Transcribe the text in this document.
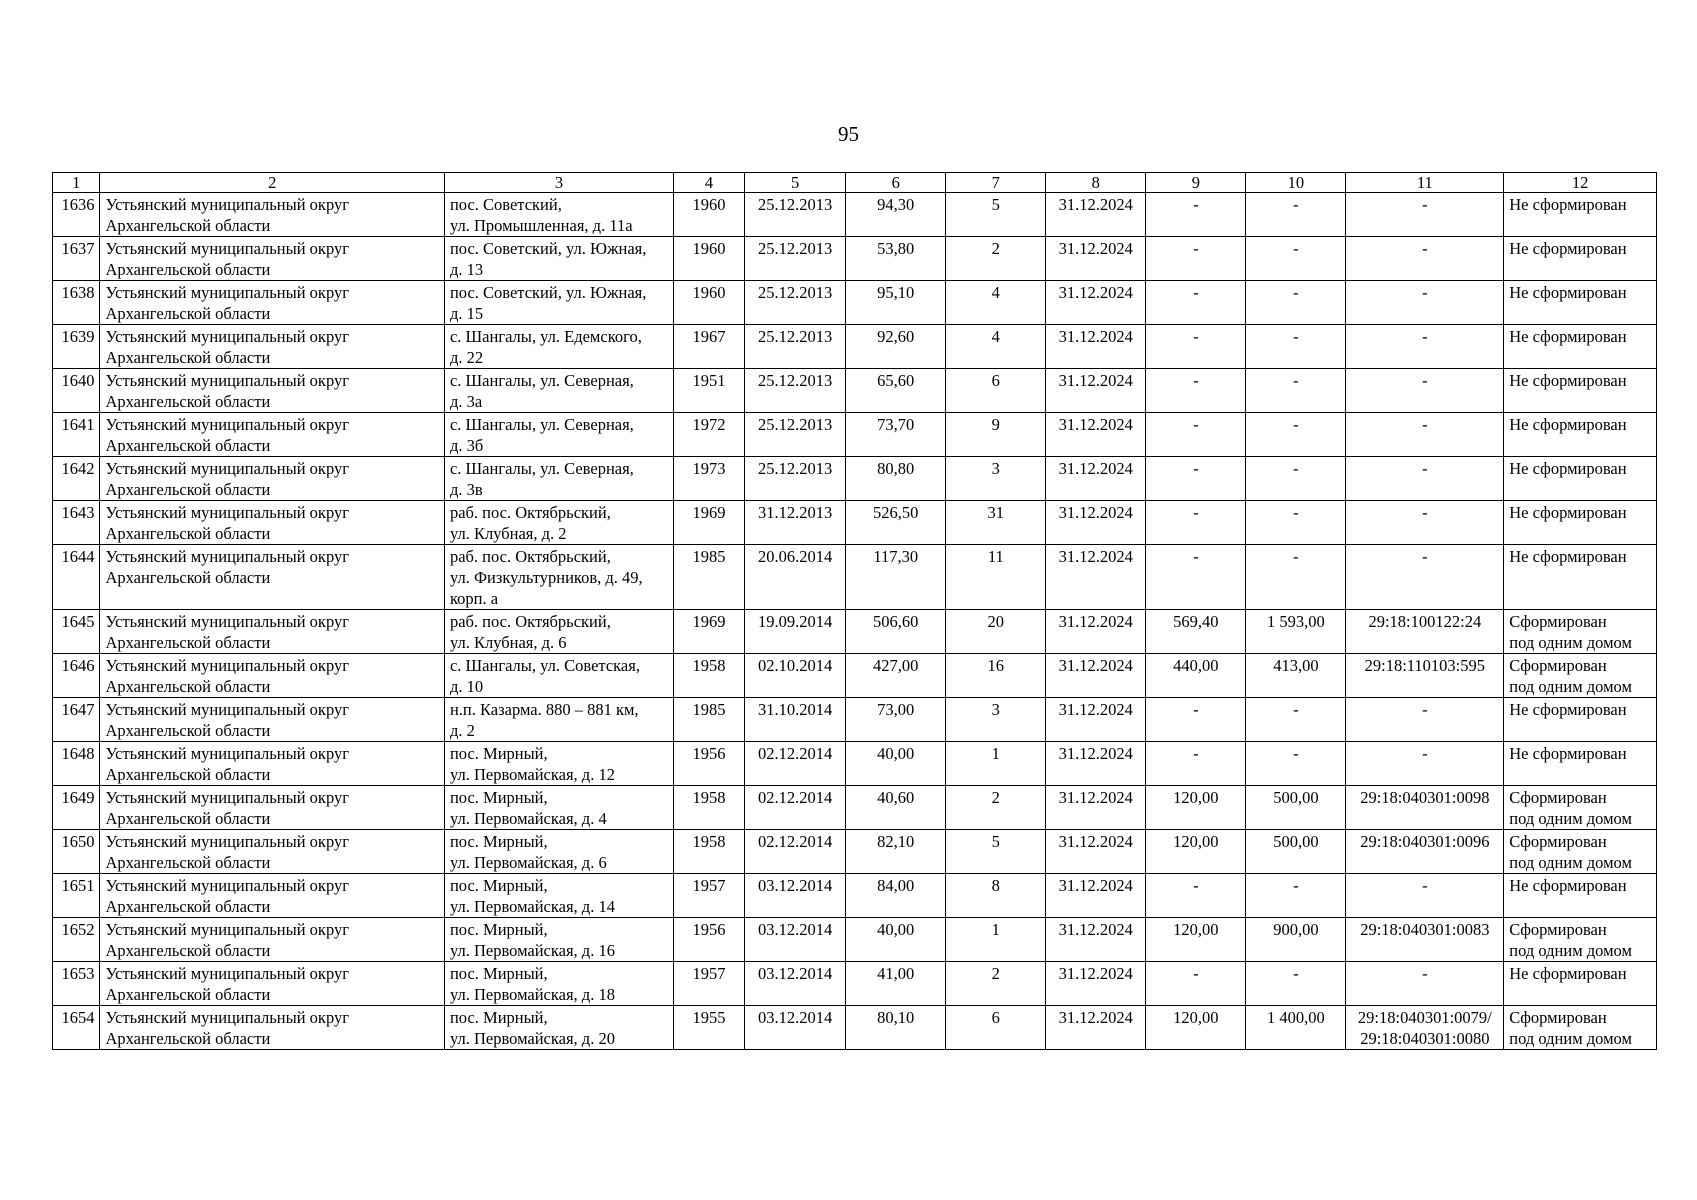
95
1	2	3	4	5	6	7	8	9	10	11	12
1636	Устьянский муниципальный округ
Архангельской области	пос. Советский,
ул. Промышленная, д. 11а	1960	25.12.2013	94,30	5	31.12.2024	-	-	-	Не сформирован

1637	Устьянский муниципальный округ
Архангельской области	пос. Советский, ул. Южная,
д. 13	1960	25.12.2013	53,80	2	31.12.2024	-	-	-	Не сформирован

1638	Устьянский муниципальный округ
Архангельской области	пос. Советский, ул. Южная,
д. 15	1960	25.12.2013	95,10	4	31.12.2024	-	-	-	Не сформирован

1639	Устьянский муниципальный округ
Архангельской области	с. Шангалы, ул. Едемского,
д. 22	1967	25.12.2013	92,60	4	31.12.2024	-	-	-	Не сформирован

1640	Устьянский муниципальный округ
Архангельской области	с. Шангалы, ул. Северная,
д. 3а	1951	25.12.2013	65,60	6	31.12.2024	-	-	-	Не сформирован

1641	Устьянский муниципальный округ
Архангельской области	с. Шангалы, ул. Северная,
д. 3б	1972	25.12.2013	73,70	9	31.12.2024	-	-	-	Не сформирован

1642	Устьянский муниципальный округ
Архангельской области	с. Шангалы, ул. Северная,
д. 3в	1973	25.12.2013	80,80	3	31.12.2024	-	-	-	Не сформирован

1643	Устьянский муниципальный округ
Архангельской области	раб. пос. Октябрьский,
ул. Клубная, д. 2	1969	31.12.2013	526,50	31	31.12.2024	-	-	-	Не сформирован

1644	Устьянский муниципальный округ
Архангельской области	раб. пос. Октябрьский,
ул. Физкультурников, д. 49,
корп. а	1985	20.06.2014	117,30	11	31.12.2024	-	-	-	Не сформирован

1645	Устьянский муниципальный округ
Архангельской области	раб. пос. Октябрьский,
ул. Клубная, д. 6	1969	19.09.2014	506,60	20	31.12.2024	569,40	1 593,00	29:18:100122:24	Сформирован
под одним домом

1646	Устьянский муниципальный округ
Архангельской области	с. Шангалы, ул. Советская,
д. 10	1958	02.10.2014	427,00	16	31.12.2024	440,00	413,00	29:18:110103:595	Сформирован
под одним домом

1647	Устьянский муниципальный округ
Архангельской области	н.п. Казарма. 880 – 881 км,
д. 2	1985	31.10.2014	73,00	3	31.12.2024	-	-	-	Не сформирован

1648	Устьянский муниципальный округ
Архангельской области	пос. Мирный,
ул. Первомайская, д. 12	1956	02.12.2014	40,00	1	31.12.2024	-	-	-	Не сформирован

1649	Устьянский муниципальный округ
Архангельской области	пос. Мирный,
ул. Первомайская, д. 4	1958	02.12.2014	40,60	2	31.12.2024	120,00	500,00	29:18:040301:0098	Сформирован
под одним домом

1650	Устьянский муниципальный округ
Архангельской области	пос. Мирный,
ул. Первомайская, д. 6	1958	02.12.2014	82,10	5	31.12.2024	120,00	500,00	29:18:040301:0096	Сформирован
под одним домом

1651	Устьянский муниципальный округ
Архангельской области	пос. Мирный,
ул. Первомайская, д. 14	1957	03.12.2014	84,00	8	31.12.2024	-	-	-	Не сформирован

1652	Устьянский муниципальный округ
Архангельской области	пос. Мирный,
ул. Первомайская, д. 16	1956	03.12.2014	40,00	1	31.12.2024	120,00	900,00	29:18:040301:0083	Сформирован
под одним домом

1653	Устьянский муниципальный округ
Архангельской области	пос. Мирный,
ул. Первомайская, д. 18	1957	03.12.2014	41,00	2	31.12.2024	-	-	-	Не сформирован

1654	Устьянский муниципальный округ
Архангельской области	пос. Мирный,
ул. Первомайская, д. 20	1955	03.12.2014	80,10	6	31.12.2024	120,00	1 400,00	29:18:040301:0079/
29:18:040301:0080	Сформирован
под одним домом
